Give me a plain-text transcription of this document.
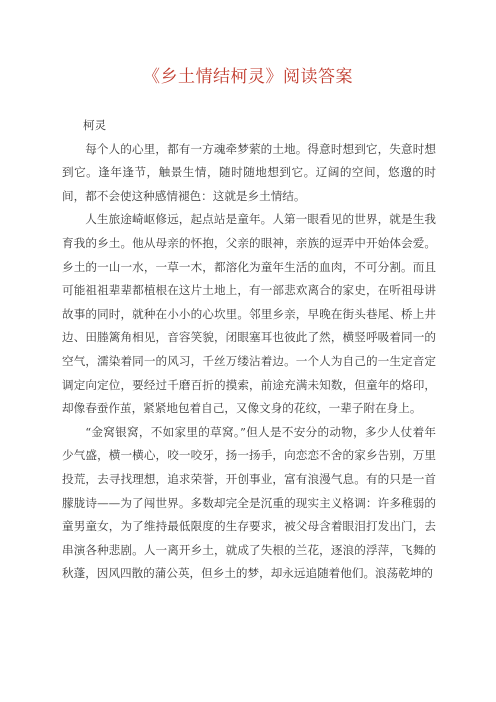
《乡土情结柯灵》阅读答案

柯灵

每个人的心里，都有一方魂牵梦萦的土地。得意时想到它，失意时想到它。逢年逢节，触景生情，随时随地想到它。辽阔的空间，悠邈的时间，都不会使这种感情褪色：这就是乡土情结。

人生旅途崎岖修远，起点站是童年。人第一眼看见的世界，就是生我育我的乡土。他从母亲的怀抱，父亲的眼神，亲族的逗弄中开始体会爱。乡土的一山一水，一草一木，都溶化为童年生活的血肉，不可分割。而且可能祖祖辈辈都植根在这片土地上，有一部悲欢离合的家史，在听祖母讲故事的同时，就种在小小的心坎里。邻里乡亲，早晚在街头巷尾、桥上井边、田塍篱角相见，音容笑貌，闭眼塞耳也彼此了然，横竖呼吸着同一的空气，濡染着同一的风习，千丝万缕沾着边。一个人为自己的一生定音定调定向定位，要经过千磨百折的摸索，前途充满未知数，但童年的烙印，却像春蚕作茧，紧紧地包着自己，又像文身的花纹，一辈子附在身上。

“金窝银窝，不如家里的草窝。”但人是不安分的动物，多少人仗着年少气盛，横一横心，咬一咬牙，扬一扬手，向恋恋不舍的家乡告别，万里投荒，去寻找理想，追求荣誉，开创事业，富有浪漫气息。有的只是一首朦胧诗——为了闯世界。多数却完全是沉重的现实主义格调：许多稚弱的童男童女，为了维持最低限度的生存要求，被父母含着眼泪打发出门，去串演各种悲剧。人一离开乡土，就成了失根的兰花，逐浪的浮萍，飞舞的秋蓬，因风四散的蒲公英，但乡土的梦，却永远追随着他们。浪荡乾坤的
